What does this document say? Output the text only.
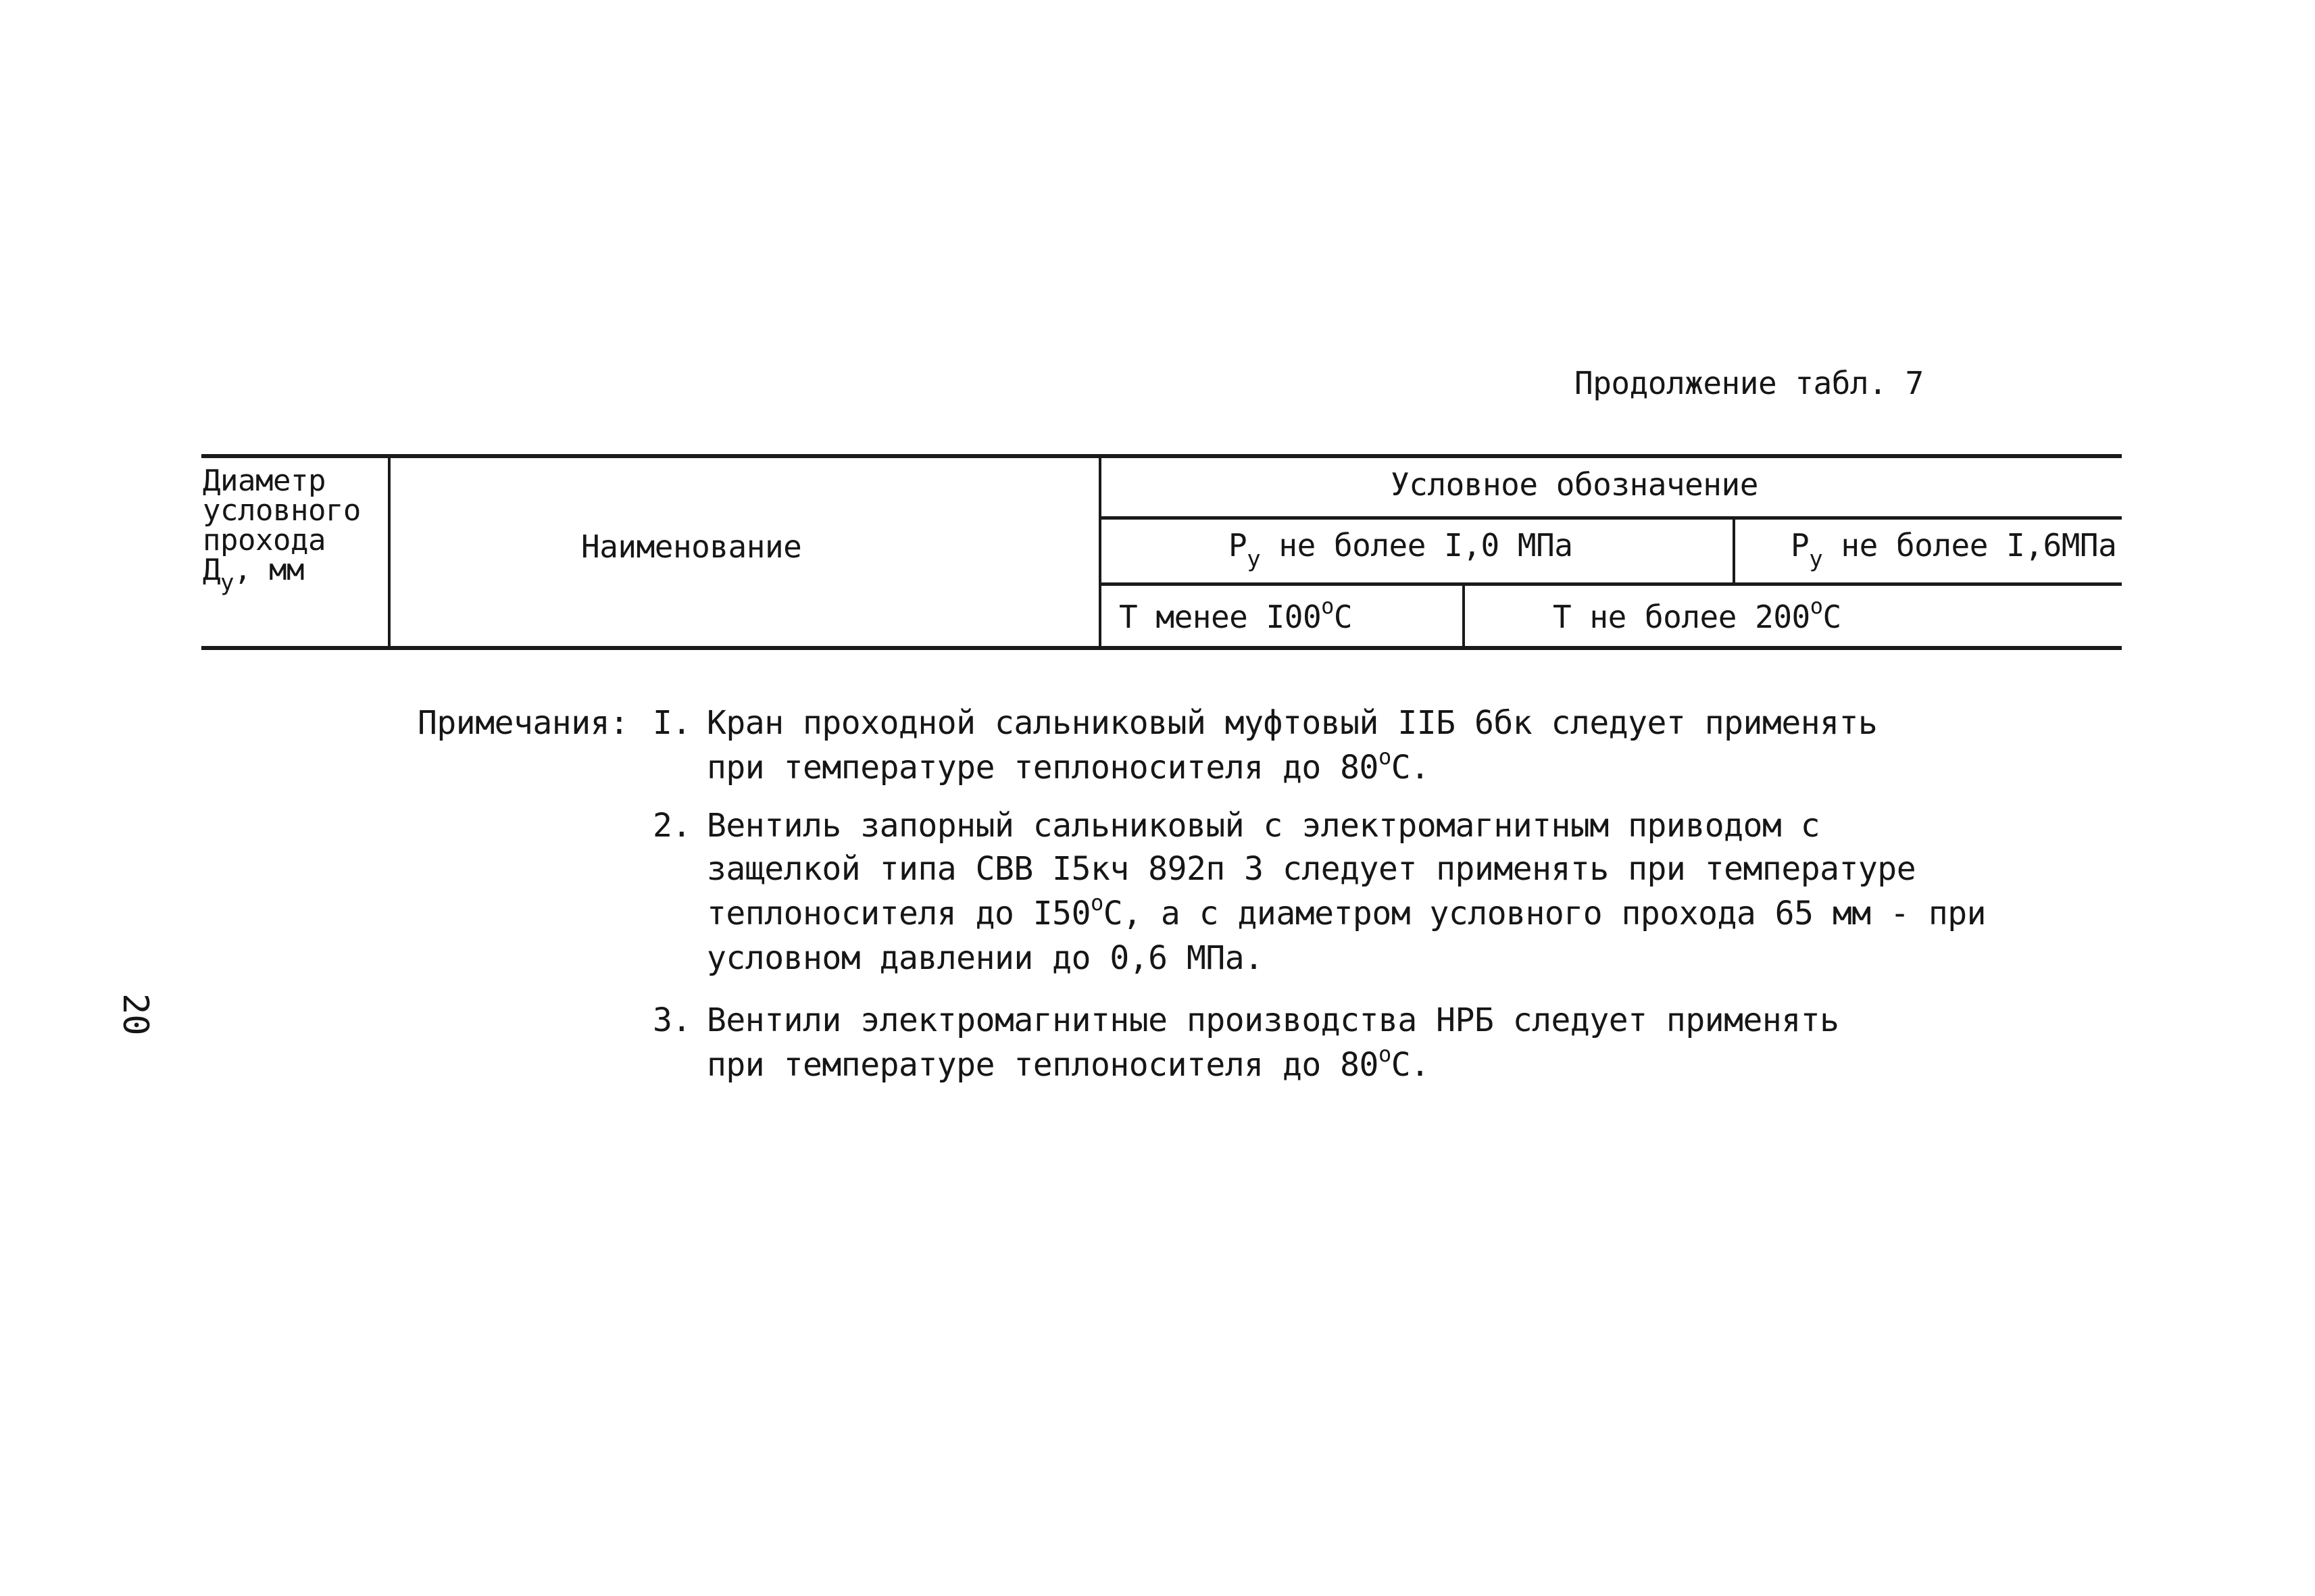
Продолжение табл. 7
Диаметр
условного
прохода
$Д_у$, мм
Наименование
Условное обозначение
$P_у$ не более I,0 МПа	$P_у$ не более I,6МПа
Т менее $I00^оС$	Т не более $200^оС$
Примечания: I. Кран проходной сальниковый муфтовый IIБ 6бк следует применять
при температуре теплоносителя до $80^оС$.
2. Вентиль запорный сальниковый с электромагнитным приводом с
защелкой типа СВВ I5кч 892п 3 следует применять при температуре
теплоносителя до $I50^оС$, а с диаметром условного прохода 65 мм - при
условном давлении до 0,6 МПа.
3. Вентили электромагнитные производства НРБ следует применять
при температуре теплоносителя до $80^оС$.
20
